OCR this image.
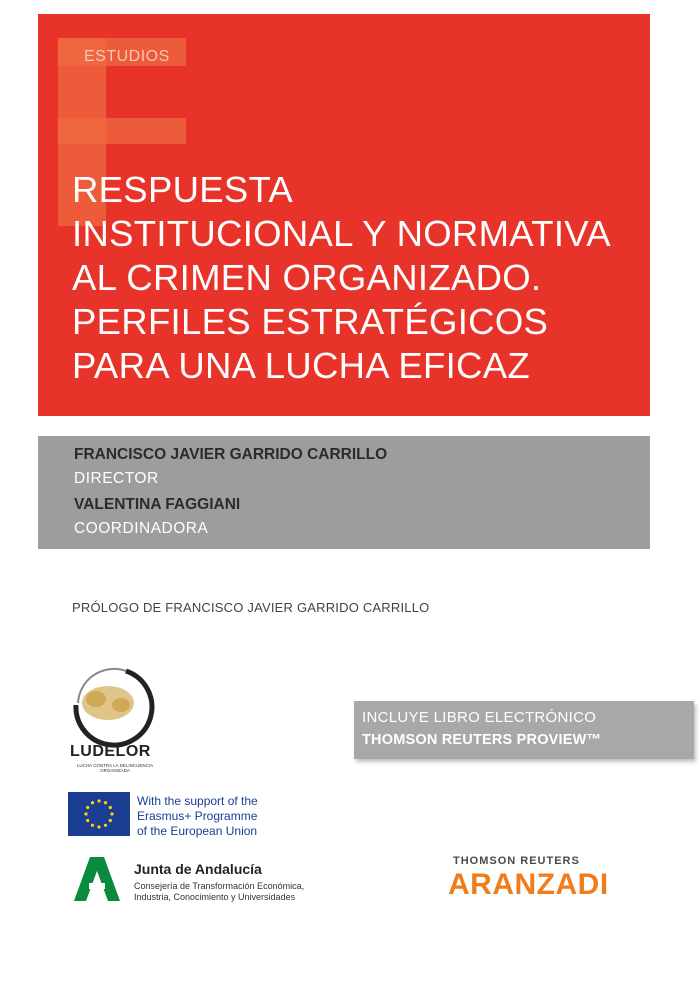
ESTUDIOS
RESPUESTA
INSTITUCIONAL Y NORMATIVA
AL CRIMEN ORGANIZADO.
PERFILES ESTRATÉGICOS
PARA UNA LUCHA EFICAZ
FRANCISCO JAVIER GARRIDO CARRILLO
DIRECTOR
VALENTINA FAGGIANI
COORDINADORA
PRÓLOGO DE FRANCISCO JAVIER GARRIDO CARRILLO
LUDELOR
LUCHA CONTRA LA DELINCUENCIA ORGANIZADA
With the support of the
Erasmus+ Programme
of the European Union
Junta de Andalucía
Consejería de Transformación Económica,
Industria, Conocimiento y Universidades
INCLUYE LIBRO ELECTRÓNICO
THOMSON REUTERS PROVIEW™
THOMSON REUTERS
ARANZADI
